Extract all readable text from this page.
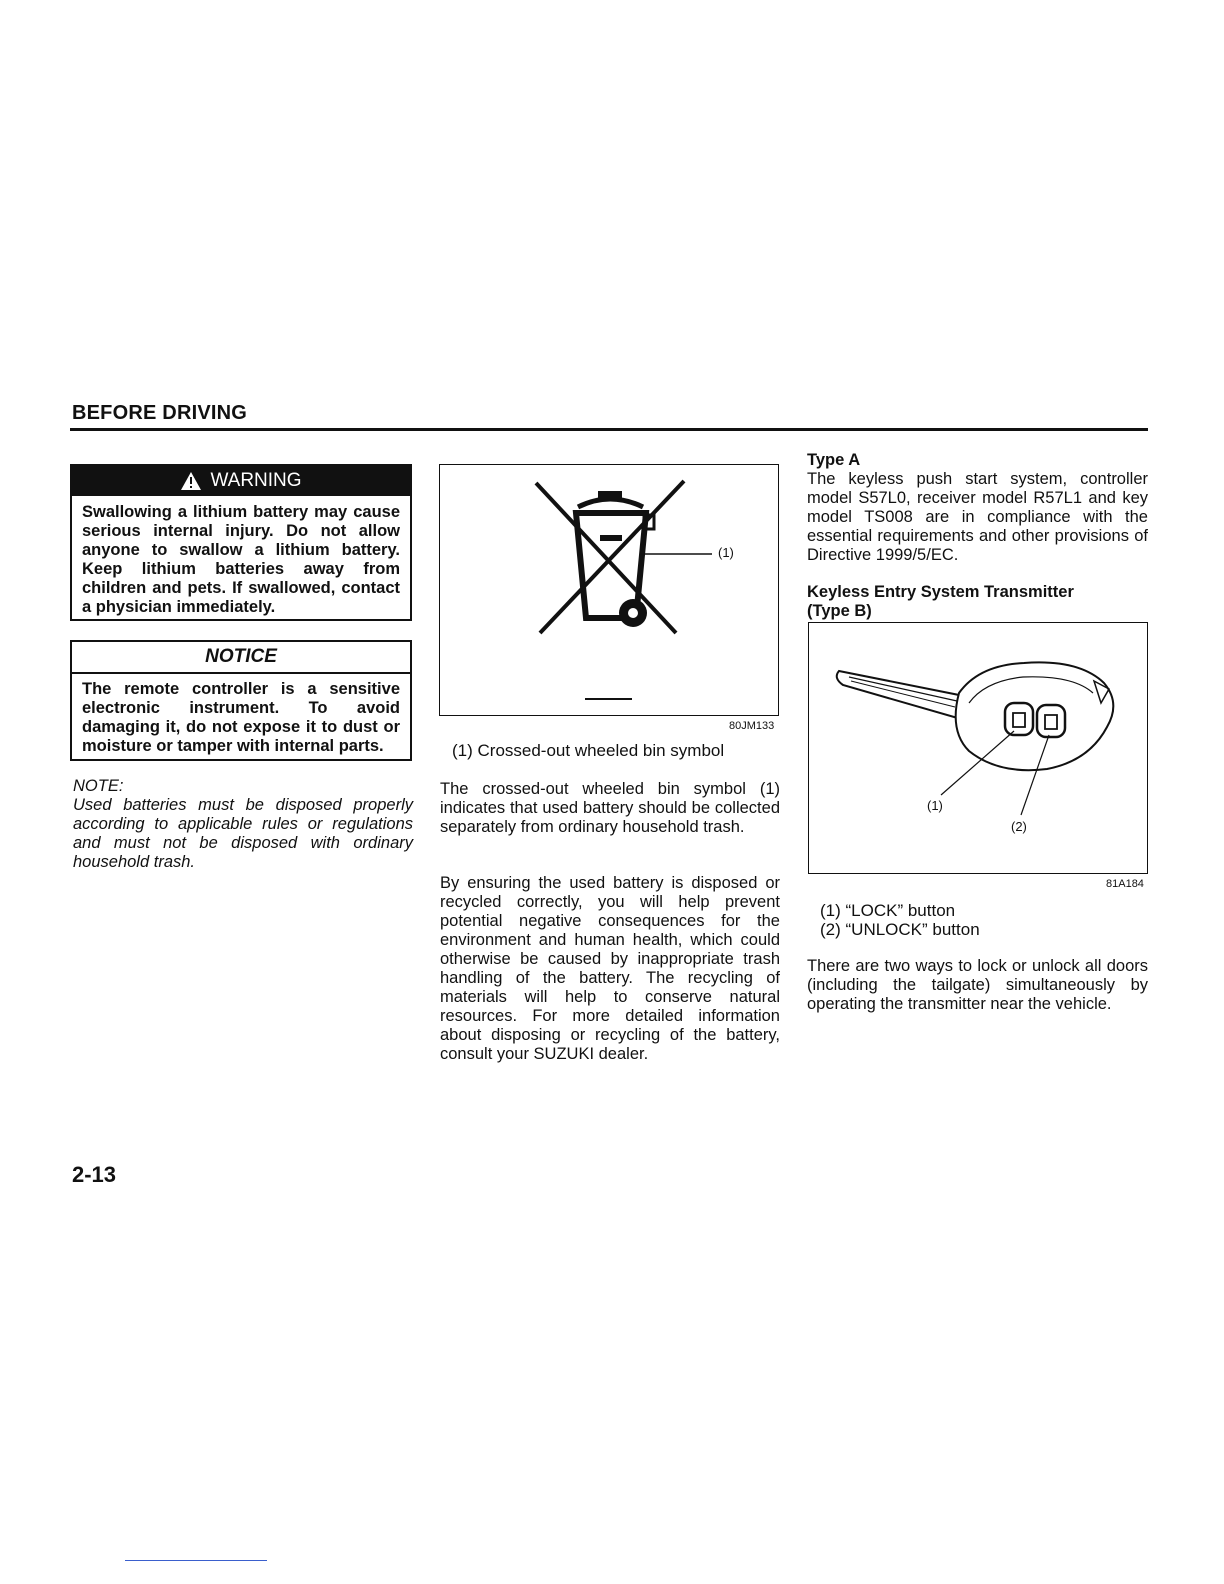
BEFORE DRIVING
WARNING
Swallowing a lithium battery may cause serious internal injury. Do not allow anyone to swallow a lithium battery. Keep lithium batteries away from children and pets. If swallowed, contact a physician immediately.
NOTICE
The remote controller is a sensitive electronic instrument. To avoid damaging it, do not expose it to dust or moisture or tamper with internal parts.
NOTE:
Used batteries must be disposed properly according to applicable rules or regulations and must not be disposed with ordinary household trash.
(1)
80JM133
(1) Crossed-out wheeled bin symbol
The crossed-out wheeled bin symbol (1) indicates that used battery should be collected separately from ordinary household trash.
By ensuring the used battery is disposed or recycled correctly, you will help prevent potential negative consequences for the environment and human health, which could otherwise be caused by inappropriate trash handling of the battery. The recycling of materials will help to conserve natural resources. For more detailed information about disposing or recycling of the battery, consult your SUZUKI dealer.
Type A
The keyless push start system, controller model S57L0, receiver model R57L1 and key model TS008 are in compliance with the essential requirements and other provisions of Directive 1999/5/EC.
Keyless Entry System Transmitter
(Type B)
(1)
(2)
81A184
(1) “LOCK” button
(2) “UNLOCK” button
There are two ways to lock or unlock all doors (including the tailgate) simultaneously by operating the transmitter near the vehicle.
2-13
